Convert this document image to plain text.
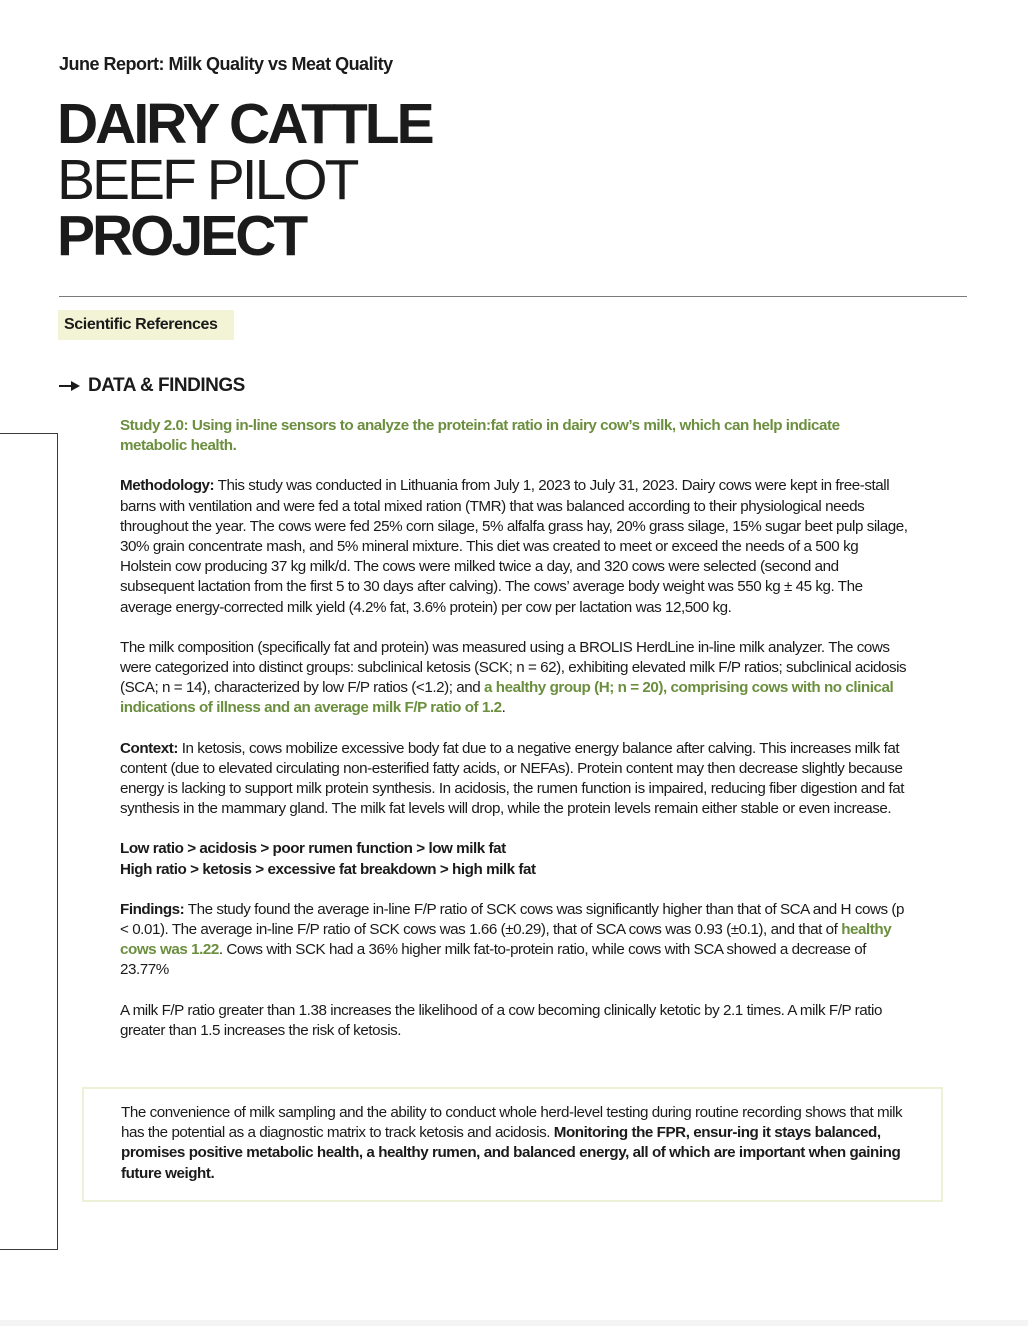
June Report: Milk Quality vs Meat Quality
DAIRY CATTLE
BEEF PILOT
PROJECT
Scientific References
DATA & FINDINGS

Study 2.0: Using in-line sensors to analyze the protein:fat ratio in dairy cow’s milk, which can help indicate metabolic health.

Methodology: This study was conducted in Lithuania from July 1, 2023 to July 31, 2023. Dairy cows were kept in free-stall barns with ventilation and were fed a total mixed ration (TMR) that was balanced according to their physiological needs throughout the year. The cows were fed 25% corn silage, 5% alfalfa grass hay, 20% grass silage, 15% sugar beet pulp silage, 30% grain concentrate mash, and 5% mineral mixture. This diet was created to meet or exceed the needs of a 500 kg Holstein cow producing 37 kg milk/d. The cows were milked twice a day, and 320 cows were selected (second and subsequent lactation from the first 5 to 30 days after calving). The cows’ average body weight was 550 kg ± 45 kg. The average energy-corrected milk yield (4.2% fat, 3.6% protein) per cow per lactation was 12,500 kg.

The milk composition (specifically fat and protein) was measured using a BROLIS HerdLine in-line milk analyzer. The cows were categorized into distinct groups: subclinical ketosis (SCK; n = 62), exhibiting elevated milk F/P ratios; subclinical acidosis (SCA; n = 14), characterized by low F/P ratios (<1.2); and a healthy group (H; n = 20), comprising cows with no clinical indications of illness and an average milk F/P ratio of 1.2.

Context: In ketosis, cows mobilize excessive body fat due to a negative energy balance after calving. This increases milk fat content (due to elevated circulating non-esterified fatty acids, or NEFAs). Protein content may then decrease slightly because energy is lacking to support milk protein synthesis. In acidosis, the rumen function is impaired, reducing fiber digestion and fat synthesis in the mammary gland. The milk fat levels will drop, while the protein levels remain either stable or even increase.

Low ratio > acidosis > poor rumen function > low milk fat
High ratio > ketosis > excessive fat breakdown > high milk fat

Findings: The study found the average in-line F/P ratio of SCK cows was significantly higher than that of SCA and H cows (p < 0.01). The average in-line F/P ratio of SCK cows was 1.66 (±0.29), that of SCA cows was 0.93 (±0.1), and that of healthy cows was 1.22. Cows with SCK had a 36% higher milk fat-to-protein ratio, while cows with SCA showed a decrease of 23.77%

A milk F/P ratio greater than 1.38 increases the likelihood of a cow becoming clinically ketotic by 2.1 times. A milk F/P ratio greater than 1.5 increases the risk of ketosis.

The convenience of milk sampling and the ability to conduct whole herd-level testing during routine recording shows that milk has the potential as a diagnostic matrix to track ketosis and acidosis. Monitoring the FPR, ensur-ing it stays balanced, promises positive metabolic health, a healthy rumen, and balanced energy, all of which are important when gaining future weight.
